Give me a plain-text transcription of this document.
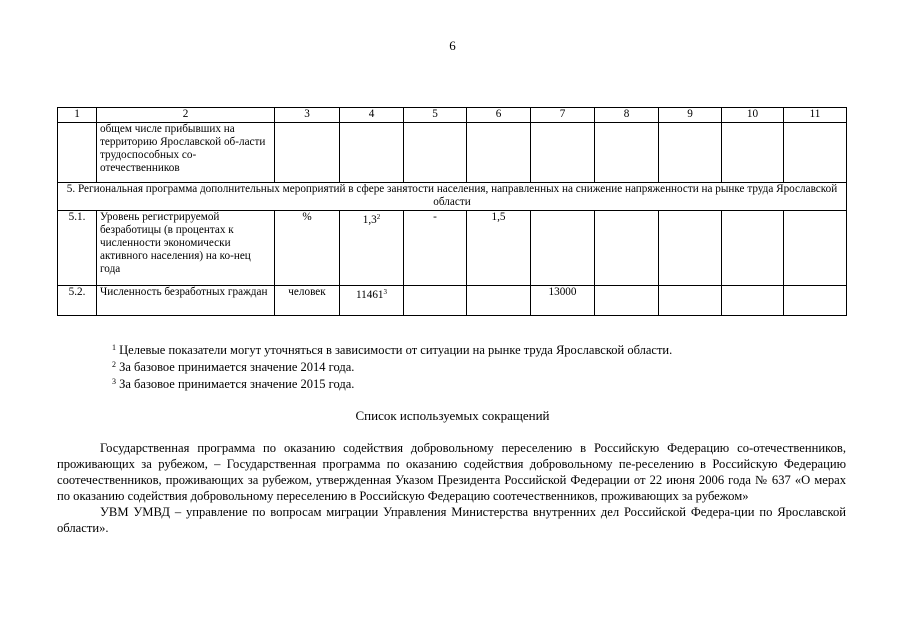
6
1	2	3	4	5	6	7	8	9	10	11
	общем числе прибывших на территорию Ярославской об-ласти трудоспособных со-отечественников									
5. Региональная программа дополнительных мероприятий в сфере занятости населения, направленных на снижение напряженности на рынке труда Ярославской области										
5.1.	Уровень регистрируемой безработицы (в процентах к численности экономически активного населения) на ко-нец года	%	$1,3^2$	-	1,5					
5.2.	Численность безработных граждан	человек	11461$^3$			13000				
$^1$ Целевые показатели могут уточняться в зависимости от ситуации на рынке труда Ярославской области.
$^2$ За базовое принимается значение 2014 года.
$^3$ За базовое принимается значение 2015 года.
Список используемых сокращений

Государственная программа по оказанию содействия добровольному переселению в Российскую Федерацию со-отечественников, проживающих за рубежом, – Государственная программа по оказанию содействия добровольному пе-реселению в Российскую Федерацию соотечественников, проживающих за рубежом, утвержденная Указом Президента Российской Федерации от 22 июня 2006 года № 637 «О мерах по оказанию содействия добровольному переселению в Российскую Федерацию соотечественников, проживающих за рубежом»

УВМ УМВД – управление по вопросам миграции Управления Министерства внутренних дел Российской Федера-ции по Ярославской области».
